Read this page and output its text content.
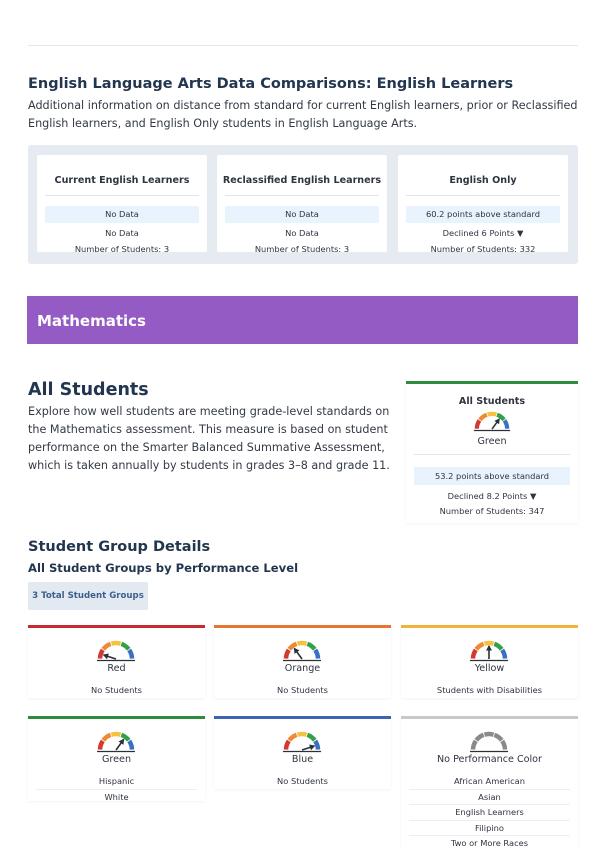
English Language Arts Data Comparisons: English Learners
Additional information on distance from standard for current English learners, prior or Reclassified English learners, and English Only students in English Language Arts.
Current English Learners
No Data
No Data
Number of Students: 3
Reclassified English Learners
No Data
No Data
Number of Students: 3
English Only
60.2 points above standard
Declined 6 Points ▼
Number of Students: 332
Mathematics
All Students
Explore how well students are meeting grade-level standards on the Mathematics assessment. This measure is based on student performance on the Smarter Balanced Summative Assessment, which is taken annually by students in grades 3–8 and grade 11.
All Students
Green
53.2 points above standard
Declined 8.2 Points ▼
Number of Students: 347
Student Group Details
All Student Groups by Performance Level
3 Total Student Groups
Red
No Students
Orange
No Students
Yellow
Students with Disabilities
Green
Hispanic
White
Blue
No Students
No Performance Color
African American
Asian
English Learners
Filipino
Two or More Races
